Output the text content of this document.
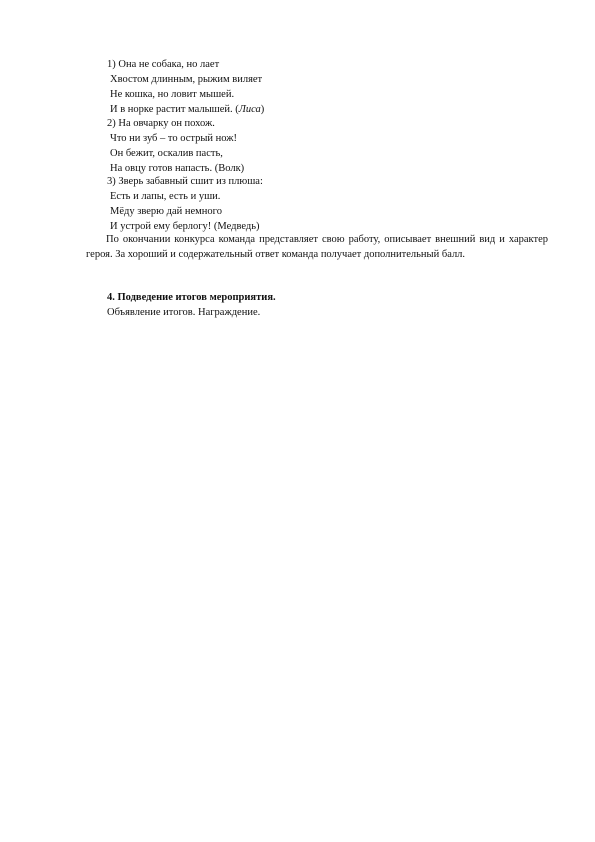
1) Она не собака, но лает
Хвостом длинным, рыжим виляет
Не кошка, но ловит мышей.
И в норке растит малышей. (Лиса)
2) На овчарку он похож.
Что ни зуб – то острый нож!
Он бежит, оскалив пасть,
На овцу готов напасть. (Волк)
3) Зверь забавный сшит из плюша:
Есть и лапы, есть и уши.
Мёду зверю дай немного
И устрой ему берлогу! (Медведь)
По окончании конкурса команда представляет свою работу, описывает внешний вид и характер героя. За хороший и содержательный ответ команда получает дополнительный балл.
4. Подведение итогов мероприятия.
Объявление итогов. Награждение.
